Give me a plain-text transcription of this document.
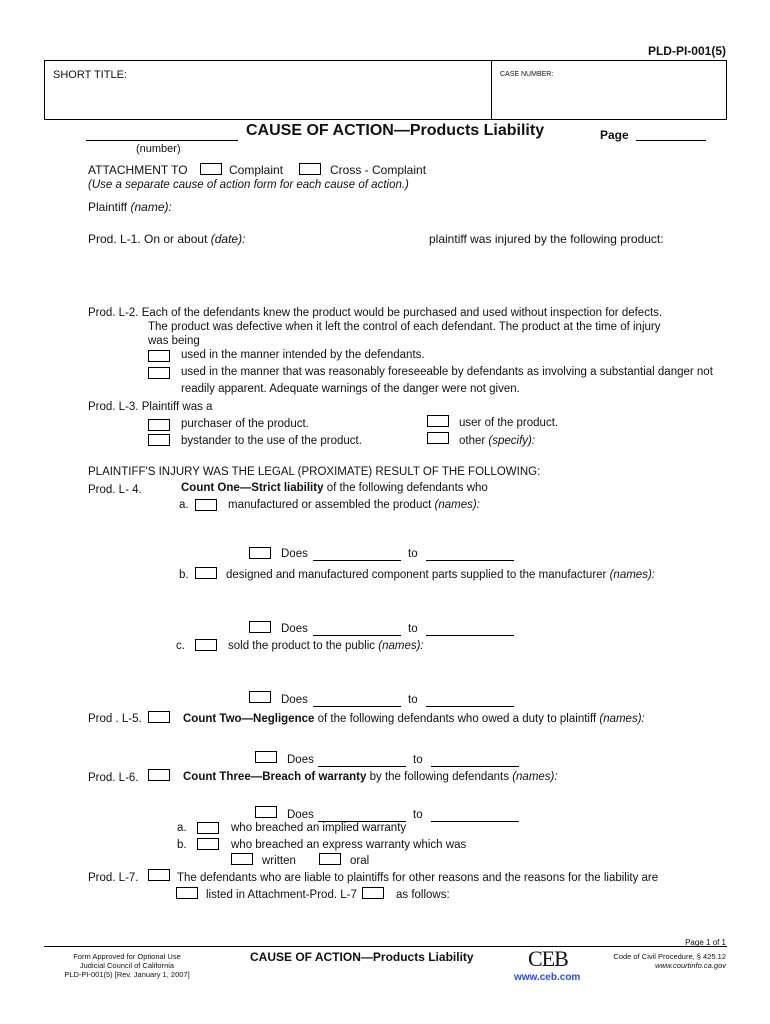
PLD-PI-001(5)
SHORT TITLE:	CASE NUMBER:
CAUSE OF ACTION—Products Liability	Page
(number)
ATTACHMENT TO	Complaint	Cross - Complaint
(Use a separate cause of action form for each cause of action.)
Plaintiff (name):
Prod. L-1. On or about (date):	plaintiff was injured by the following product:
Prod. L-2. Each of the defendants knew the product would be purchased and used without inspection for defects.
The product was defective when it left the control of each defendant. The product at the time of injury
was being
used in the manner intended by the defendants.
used in the manner that was reasonably foreseeable by defendants as involving a substantial danger not
readily apparent. Adequate warnings of the danger were not given.
Prod. L-3. Plaintiff was a
purchaser of the product.	user of the product.
bystander to the use of the product.	other (specify):
PLAINTIFF'S INJURY WAS THE LEGAL (PROXIMATE) RESULT OF THE FOLLOWING:
Prod. L- 4.	Count One—Strict liability of the following defendants who
a.	manufactured or assembled the product (names):
Does	to
b.	designed and manufactured component parts supplied to the manufacturer (names):
Does	to
c.	sold the product to the public (names):
Does	to
Prod . L-5.	Count Two—Negligence of the following defendants who owed a duty to plaintiff (names):
Does	to
Prod. L-6.	Count Three—Breach of warranty by the following defendants (names):
Does	to
a.	who breached an implied warranty
b.	who breached an express warranty which was
written	oral
Prod. L-7.	The defendants who are liable to plaintiffs for other reasons and the reasons for the liability are
listed in Attachment-Prod. L-7	as follows:
Page 1 of 1
Form Approved for Optional Use
Judicial Council of California
PLD-PI-001(5) [Rev. January 1, 2007]
CAUSE OF ACTION—Products Liability CEB
www.ceb.com
Code of Civil Procedure, § 425.12
www.courtinfo.ca.gov
